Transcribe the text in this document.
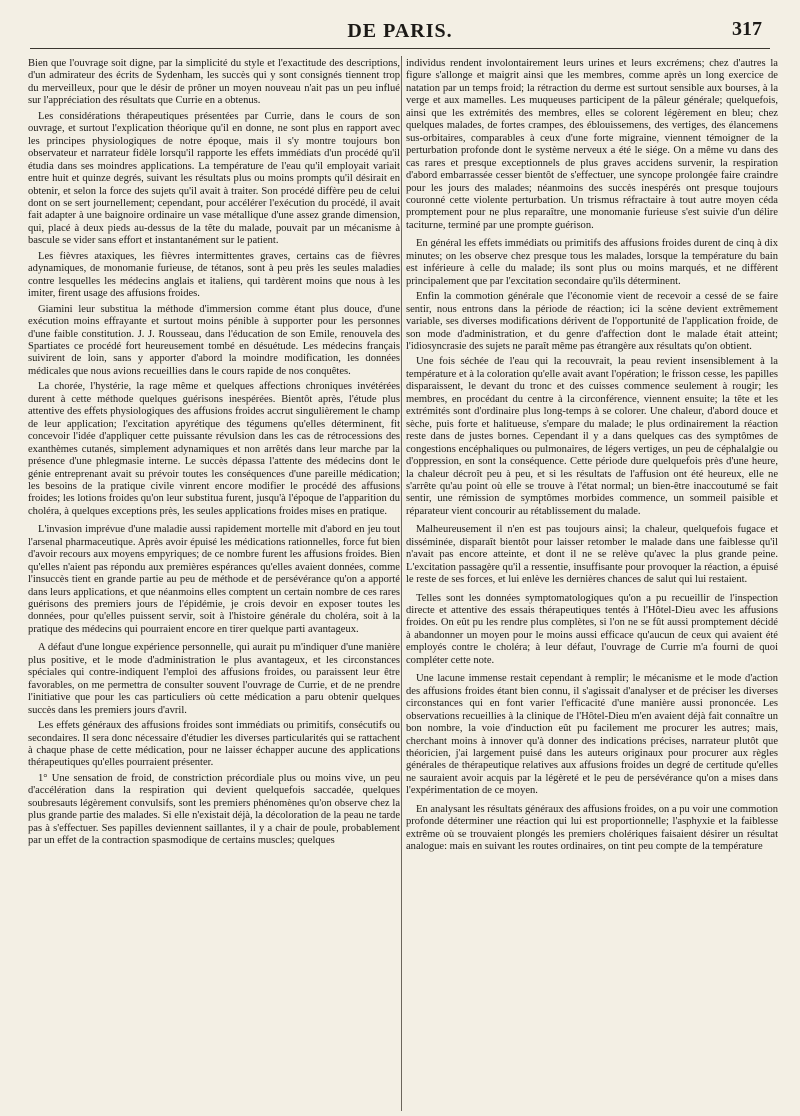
DE PARIS.	317

Bien que l'ouvrage soit digne, par la simplicité du style et l'exactitude des descriptions, d'un admirateur des écrits de Sydenham, les succès qui y sont consignés tiennent trop du merveilleux, pour que le désir de prôner un moyen nouveau n'ait pas un peu influé sur l'appréciation des résultats que Currie en a obtenus.

Les considérations thérapeutiques présentées par Currie, dans le cours de son ouvrage, et surtout l'explication théorique qu'il en donne, ne sont plus en rapport avec les principes physiologiques de notre époque, mais il s'y montre toujours bon observateur et narrateur fidèle lorsqu'il rapporte les effets immédiats d'un procédé qu'il étudia dans ses moindres applications. La température de l'eau qu'il employait variait entre huit et quinze degrés, suivant les résultats plus ou moins prompts qu'il désirait en obtenir, et selon la force des sujets qu'il avait à traiter. Son procédé diffère peu de celui dont on se sert journellement; cependant, pour accélérer l'exécution du procédé, il avait fait adapter à une baignoire ordinaire un vase métallique d'une assez grande dimension, qui, placé à deux pieds au-dessus de la tête du malade, pouvait par un mécanisme à bascule se vider sans effort et instantanément sur le patient.

Les fièvres ataxiques, les fièvres intermittentes graves, certains cas de fièvres adynamiques, de monomanie furieuse, de tétanos, sont à peu près les seules maladies contre lesquelles les médecins anglais et italiens, qui tardèrent moins que nous à les imiter, firent usage des affusions froides.

Giamini leur substitua la méthode d'immersion comme étant plus douce, d'une exécution moins effrayante et surtout moins pénible à supporter pour les personnes d'une faible constitution. J. J. Rousseau, dans l'éducation de son Emile, renouvela des Spartiates ce procédé fort heureusement tombé en désuétude. Les médecins français suivirent de loin, sans y apporter d'abord la moindre modification, les données médicales que nous avions recueillies dans le cours rapide de nos conquêtes.

La chorée, l'hystérie, la rage même et quelques affections chroniques invétérées durent à cette méthode quelques guérisons inespérées. Bientôt après, l'étude plus attentive des effets physiologiques des affusions froides accrut singulièrement le champ de leur application; l'excitation apyrétique des tégumens qu'elles déterminent, fit concevoir l'idée d'appliquer cette puissante révulsion dans les cas de rétrocessions des exanthèmes cutanés, simplement adynamiques et non arrêtés dans leur marche par la présence d'une phlegmasie interne. Le succès dépassa l'attente des médecins dont le génie entreprenant avait su prévoir toutes les conséquences d'une pareille médication; les besoins de la pratique civile vinrent encore modifier le procédé des affusions froides; les lotions froides qu'on leur substitua furent, jusqu'à l'époque de l'apparition du choléra, à quelques exceptions près, les seules applications froides mises en pratique.

L'invasion imprévue d'une maladie aussi rapidement mortelle mit d'abord en jeu tout l'arsenal pharmaceutique. Après avoir épuisé les médications rationnelles, force fut bien d'avoir recours aux moyens empyriques; de ce nombre furent les affusions froides. Bien qu'elles n'aient pas répondu aux premières espérances qu'elles avaient données, comme l'insuccès tient en grande partie au peu de méthode et de persévérance qu'on a apporté dans leurs applications, et que néanmoins elles comptent un certain nombre de ces rares guérisons des premiers jours de l'épidémie, je crois devoir en exposer toutes les données, pour qu'elles puissent servir, soit à l'histoire générale du choléra, soit à la pratique des médecins qui pourraient encore en tirer quelque parti avantageux.

A défaut d'une longue expérience personnelle, qui aurait pu m'indiquer d'une manière plus positive, et le mode d'administration le plus avantageux, et les circonstances spéciales qui contre-indiquent l'emploi des affusions froides, ou paraissent leur être favorables, on me permettra de consulter souvent l'ouvrage de Currie, et de ne prendre l'initiative que pour les cas particuliers où cette médication a paru obtenir quelques succès dans les premiers jours d'avril.

Les effets généraux des affusions froides sont immédiats ou primitifs, consécutifs ou secondaires. Il sera donc nécessaire d'étudier les diverses particularités qui se rattachent à chaque phase de cette médication, pour ne laisser échapper aucune des applications thérapeutiques qu'elles pourraient présenter.

1° Une sensation de froid, de constriction précordiale plus ou moins vive, un peu d'accélération dans la respiration qui devient quelquefois saccadée, quelques soubresauts légèrement convulsifs, sont les premiers phénomènes qu'on observe chez la plus grande partie des malades. Si elle n'existait déjà, la décoloration de la peau ne tarde pas à s'effectuer. Ses papilles deviennent saillantes, il y a chair de poule, probablement par un effet de la contraction spasmodique de certains muscles; quelques

individus rendent involontairement leurs urines et leurs excrémens; chez d'autres la figure s'allonge et maigrit ainsi que les membres, comme après un long exercice de natation par un temps froid; la rétraction du derme est surtout sensible aux bourses, à la verge et aux mamelles. Les muqueuses participent de la pâleur générale; quelquefois, ainsi que les extrémités des membres, elles se colorent légèrement en bleu; chez quelques malades, de fortes crampes, des éblouissemens, des vertiges, des élancemens sus-orbitaires, comparables à ceux d'une forte migraine, viennent témoigner de la perturbation profonde dont le système nerveux a été le siége. On a même vu dans des cas rares et presque exceptionnels de plus graves accidens survenir, la respiration d'abord embarrassée cesser bientôt de s'effectuer, une syncope prolongée faire craindre pour les jours des malades; néanmoins des succès inespérés ont presque toujours couronné cette violente perturbation. Un trismus réfractaire à tout autre moyen céda promptement pour ne plus reparaître, une monomanie furieuse s'est suivie d'un délire taciturne, terminé par une prompte guérison.

En général les effets immédiats ou primitifs des affusions froides durent de cinq à dix minutes; on les observe chez presque tous les malades, lorsque la température du bain est inférieure à celle du malade; ils sont plus ou moins marqués, et ne diffèrent principalement que par l'excitation secondaire qu'ils déterminent.

Enfin la commotion générale que l'économie vient de recevoir a cessé de se faire sentir, nous entrons dans la période de réaction; ici la scène devient extrêmement variable, ses diverses modifications dérivent de l'opportunité de l'application froide, de son mode d'administration, et du genre d'affection dont le malade était atteint; l'idiosyncrasie des sujets ne paraît même pas étrangère aux résultats qu'on obtient.

Une fois séchée de l'eau qui la recouvrait, la peau revient insensiblement à la température et à la coloration qu'elle avait avant l'opération; le frisson cesse, les papilles disparaissent, le devant du tronc et des cuisses commence seulement à rougir; les membres, en procédant du centre à la circonférence, viennent ensuite; la tête et les extrémités sont d'ordinaire plus long-temps à se colorer. Une chaleur, d'abord douce et sèche, puis forte et halitueuse, s'empare du malade; le plus ordinairement la réaction reste dans de justes bornes. Cependant il y a dans quelques cas des symptômes de congestions encéphaliques ou pulmonaires, de légers vertiges, un peu de céphalalgie ou d'oppression, en sont la conséquence. Cette période dure quelquefois près d'une heure, la chaleur décroît peu à peu, et si les résultats de l'affusion ont été heureux, elle ne s'arrête qu'au point où elle se trouve à l'état normal; un bien-être inaccoutumé se fait sentir, une rémission de symptômes morbides commence, un sommeil paisible et réparateur vient concourir au rétablissement du malade.

Malheureusement il n'en est pas toujours ainsi; la chaleur, quelquefois fugace et disséminée, disparaît bientôt pour laisser retomber le malade dans une faiblesse qu'il n'avait pas encore atteinte, et dont il ne se relève qu'avec la plus grande peine. L'excitation passagère qu'il a ressentie, insuffisante pour provoquer la réaction, a épuisé le reste de ses forces, et lui enlève les dernières chances de salut qui lui restaient.

Telles sont les données symptomatologiques qu'on a pu recueillir de l'inspection directe et attentive des essais thérapeutiques tentés à l'Hôtel-Dieu avec les affusions froides. On eût pu les rendre plus complètes, si l'on ne se fût aussi promptement décidé à abandonner un moyen pour le moins aussi efficace qu'aucun de ceux qui avaient été employés contre le choléra; à leur défaut, l'ouvrage de Currie m'a fourni de quoi compléter cette note.

Une lacune immense restait cependant à remplir; le mécanisme et le mode d'action des affusions froides étant bien connu, il s'agissait d'analyser et de préciser les diverses circonstances qui en font varier l'efficacité d'une manière aussi prononcée. Les observations recueillies à la clinique de l'Hôtel-Dieu m'en avaient déjà fait connaître un bon nombre, la voie d'induction eût pu facilement me procurer les autres; mais, cherchant moins à innover qu'à donner des indications précises, narrateur plutôt que théoricien, j'ai largement puisé dans les auteurs originaux pour procurer aux règles générales de thérapeutique relatives aux affusions froides un degré de certitude qu'elles ne sauraient avoir acquis par la légèreté et le peu de persévérance qu'on a mises dans l'expérimentation de ce moyen.

En analysant les résultats généraux des affusions froides, on a pu voir une commotion profonde déterminer une réaction qui lui est proportionnelle; l'asphyxie et la faiblesse extrême où se trouvaient plongés les premiers cholériques faisaient désirer un résultat analogue: mais en suivant les routes ordinaires, on tint peu compte de la température
